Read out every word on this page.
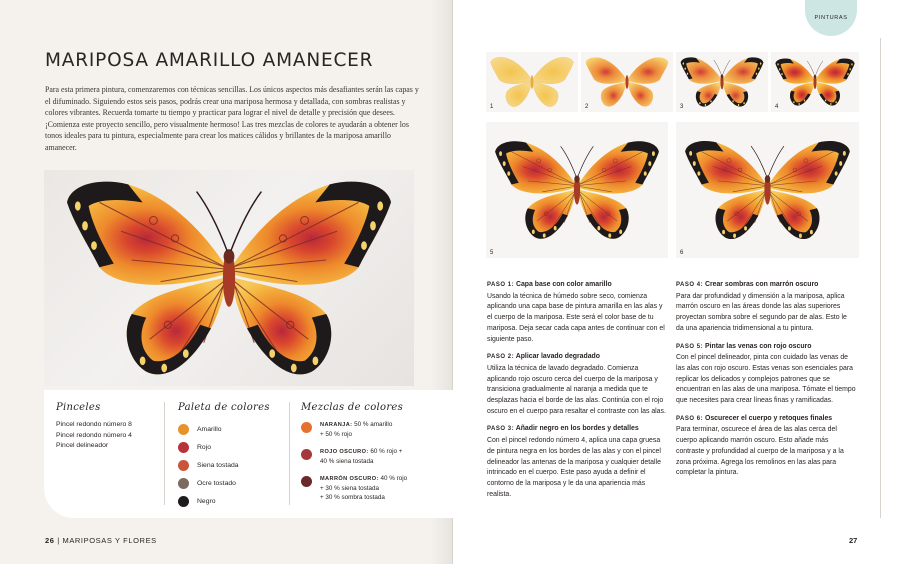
MARIPOSA AMARILLO AMANECER

Para esta primera pintura, comenzaremos con técnicas sencillas. Los únicos aspectos más desafiantes serán las capas y el difuminado. Siguiendo estos seis pasos, podrás crear una mariposa hermosa y detallada, con sombras realistas y colores vibrantes. Recuerda tomarte tu tiempo y practicar para lograr el nivel de detalle y precisión que desees. ¡Comienza este proyecto sencillo, pero visualmente hermoso! Las tres mezclas de colores te ayudarán a obtener los tonos ideales para tu pintura, especialmente para crear los matices cálidos y brillantes de la mariposa amarillo amanecer.

Pinceles
Pincel redondo número 8
Pincel redondo número 4
Pincel delineador
Paleta de colores
Amarillo
Rojo
Siena tostada
Ocre tostado
Negro
Mezclas de colores
NARANJA: 50 % amarillo
+ 50 % rojo
ROJO OSCURO: 60 % rojo +
40 % siena tostada
MARRÓN OSCURO: 40 % rojo
+ 30 % siena tostada
+ 30 % sombra tostada
26 | MARIPOSAS Y FLORES
PINTURAS
1	2	3	4
5	6
PASO 1: Capa base con color amarillo
Usando la técnica de húmedo sobre seco, comienza aplicando una capa base de pintura amarilla en las alas y el cuerpo de la mariposa. Este será el color base de tu mariposa. Deja secar cada capa antes de continuar con el siguiente paso.
PASO 2: Aplicar lavado degradado
Utiliza la técnica de lavado degradado. Comienza aplicando rojo oscuro cerca del cuerpo de la mariposa y transiciona gradualmente al naranja a medida que te desplazas hacia el borde de las alas. Continúa con el rojo oscuro en el cuerpo para resaltar el contraste con las alas.
PASO 3: Añadir negro en los bordes y detalles
Con el pincel redondo número 4, aplica una capa gruesa de pintura negra en los bordes de las alas y con el pincel delineador las antenas de la mariposa y cualquier detalle intrincado en el cuerpo. Este paso ayuda a definir el contorno de la mariposa y le da una apariencia más realista.
PASO 4: Crear sombras con marrón oscuro
Para dar profundidad y dimensión a la mariposa, aplica marrón oscuro en las áreas donde las alas superiores proyectan sombra sobre el segundo par de alas. Esto le da una apariencia tridimensional a tu pintura.
PASO 5: Pintar las venas con rojo oscuro
Con el pincel delineador, pinta con cuidado las venas de las alas con rojo oscuro. Estas venas son esenciales para replicar los delicados y complejos patrones que se encuentran en las alas de una mariposa. Tómate el tiempo que necesites para crear líneas finas y ramificadas.
PASO 6: Oscurecer el cuerpo y retoques finales
Para terminar, oscurece el área de las alas cerca del cuerpo aplicando marrón oscuro. Esto añade más contraste y profundidad al cuerpo de la mariposa y a la zona próxima. Agrega los remolinos en las alas para completar la pintura.
27
